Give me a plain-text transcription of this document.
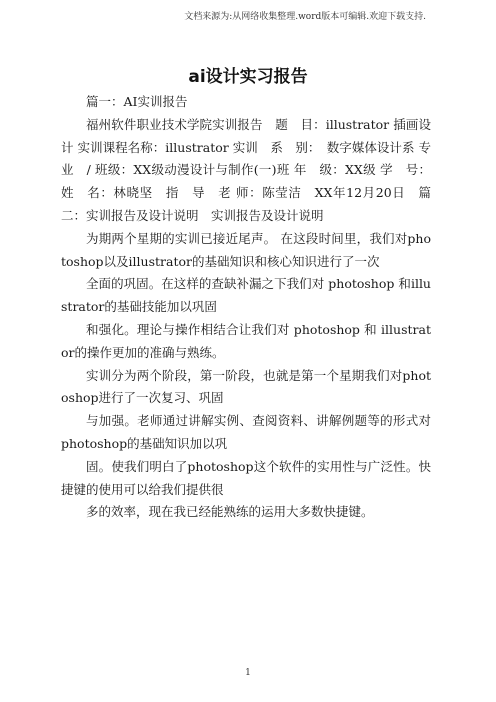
文档来源为:从网络收集整理.word版本可编辑.欢迎下载支持.
ai设计实习报告

篇一：AI实训报告

福州软件职业技术学院实训报告　题　目：illustrator 插画设计 实训课程名称：illustrator 实训　系　别：　数字媒体设计系 专业　/ 班级：XX级动漫设计与制作(一)班 年　级：XX级 学　号：姓　名：林晓坚　指　导　老 师：陈莹洁　XX年12月20日　篇二：实训报告及设计说明　实训报告及设计说明

为期两个星期的实训已接近尾声。 在这段时间里，我们对photoshop以及illustrator的基础知识和核心知识进行了一次

全面的巩固。在这样的查缺补漏之下我们对 photoshop 和illustrator的基础技能加以巩固

和强化。理论与操作相结合让我们对 photoshop 和 illustrator的操作更加的准确与熟练。

实训分为两个阶段，第一阶段，也就是第一个星期我们对photoshop进行了一次复习、巩固

与加强。老师通过讲解实例、查阅资料、讲解例题等的形式对photoshop的基础知识加以巩

固。使我们明白了photoshop这个软件的实用性与广泛性。快捷键的使用可以给我们提供很

多的效率，现在我已经能熟练的运用大多数快捷键。

1
